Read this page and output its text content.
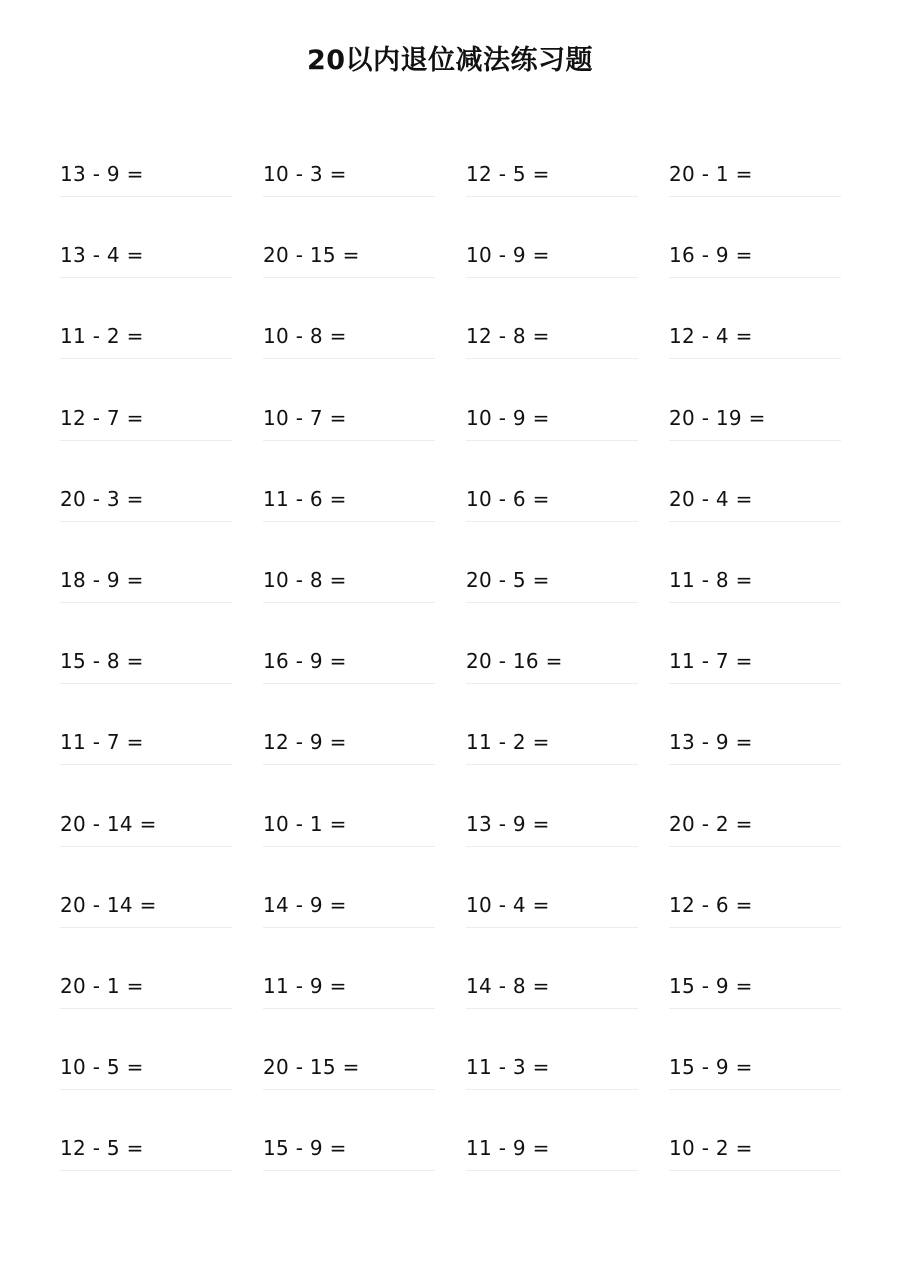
20以内退位减法练习题
13 - 9 =	10 - 3 =	12 - 5 =	20 - 1 =
13 - 4 =	20 - 15 =	10 - 9 =	16 - 9 =
11 - 2 =	10 - 8 =	12 - 8 =	12 - 4 =
12 - 7 =	10 - 7 =	10 - 9 =	20 - 19 =
20 - 3 =	11 - 6 =	10 - 6 =	20 - 4 =
18 - 9 =	10 - 8 =	20 - 5 =	11 - 8 =
15 - 8 =	16 - 9 =	20 - 16 =	11 - 7 =
11 - 7 =	12 - 9 =	11 - 2 =	13 - 9 =
20 - 14 =	10 - 1 =	13 - 9 =	20 - 2 =
20 - 14 =	14 - 9 =	10 - 4 =	12 - 6 =
20 - 1 =	11 - 9 =	14 - 8 =	15 - 9 =
10 - 5 =	20 - 15 =	11 - 3 =	15 - 9 =
12 - 5 =	15 - 9 =	11 - 9 =	10 - 2 =
